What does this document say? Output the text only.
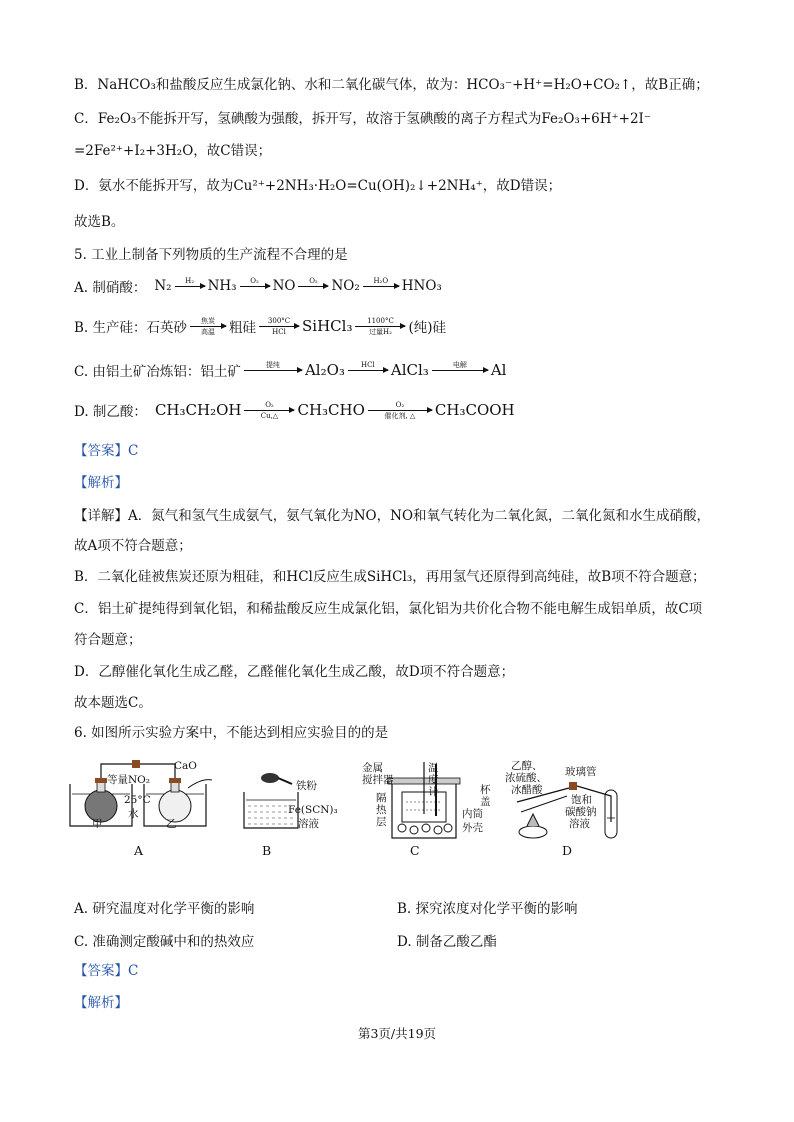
B．NaHCO₃和盐酸反应生成氯化钠、水和二氧化碳气体，故为：HCO₃⁻+H⁺=H₂O+CO₂↑，故B正确；
C．Fe₂O₃不能拆开写，氢碘酸为强酸，拆开写，故溶于氢碘酸的离子方程式为Fe₂O₃+6H⁺+2I⁻
=2Fe²⁺+I₂+3H₂O，故C错误；
D．氨水不能拆开写，故为Cu²⁺+2NH₃·H₂O=Cu(OH)₂↓+2NH₄⁺，故D错误；
故选B。
5. 工业上制备下列物质的生产流程不合理的是
A. 制硝酸： N₂ H₂ NH₃ O₂ NO O₂ NO₂ H₂O HNO₃
B. 生产硅：石英砂 焦炭
高温 粗硅 300°C
HCl SiHCl₃ 1100°C
过量H₂ (纯)硅
C. 由铝土矿冶炼铝：铝土矿	提纯 Al₂O₃ HCl AlCl₃	电解 Al
D. 制乙酸： CH₃CH₂OH	O₂
Cu,△ CH₃CHO	O₂
催化剂, △ CH₃COOH
【答案】C
【解析】
【详解】A．氮气和氢气生成氨气，氨气氧化为NO，NO和氧气转化为二氧化氮，二氧化氮和水生成硝酸，
故A项不符合题意；
B．二氧化硅被焦炭还原为粗硅，和HCl反应生成SiHCl₃，再用氢气还原得到高纯硅，故B项不符合题意；
C．铝土矿提纯得到氧化铝，和稀盐酸反应生成氯化铝，氯化铝为共价化合物不能电解生成铝单质，故C项
符合题意；
D．乙醇催化氧化生成乙醛，乙醛催化氧化生成乙酸，故D项不符合题意；
故本题选C。
6. 如图所示实验方案中，不能达到相应实验目的的是
CaO
等量NO₂
25°C
水
甲	乙
A
铁粉
Fe(SCN)₃
溶液
B
金属
搅拌器
温
度
计	杯
盖
隔
热
层
内筒
外壳
C
乙醇、
浓硫酸、
冰醋酸
玻璃管
饱和
碳酸钠
溶液
D
A. 研究温度对化学平衡的影响	B. 探究浓度对化学平衡的影响
C. 准确测定酸碱中和的热效应	D. 制备乙酸乙酯
【答案】C
【解析】
第3页/共19页
